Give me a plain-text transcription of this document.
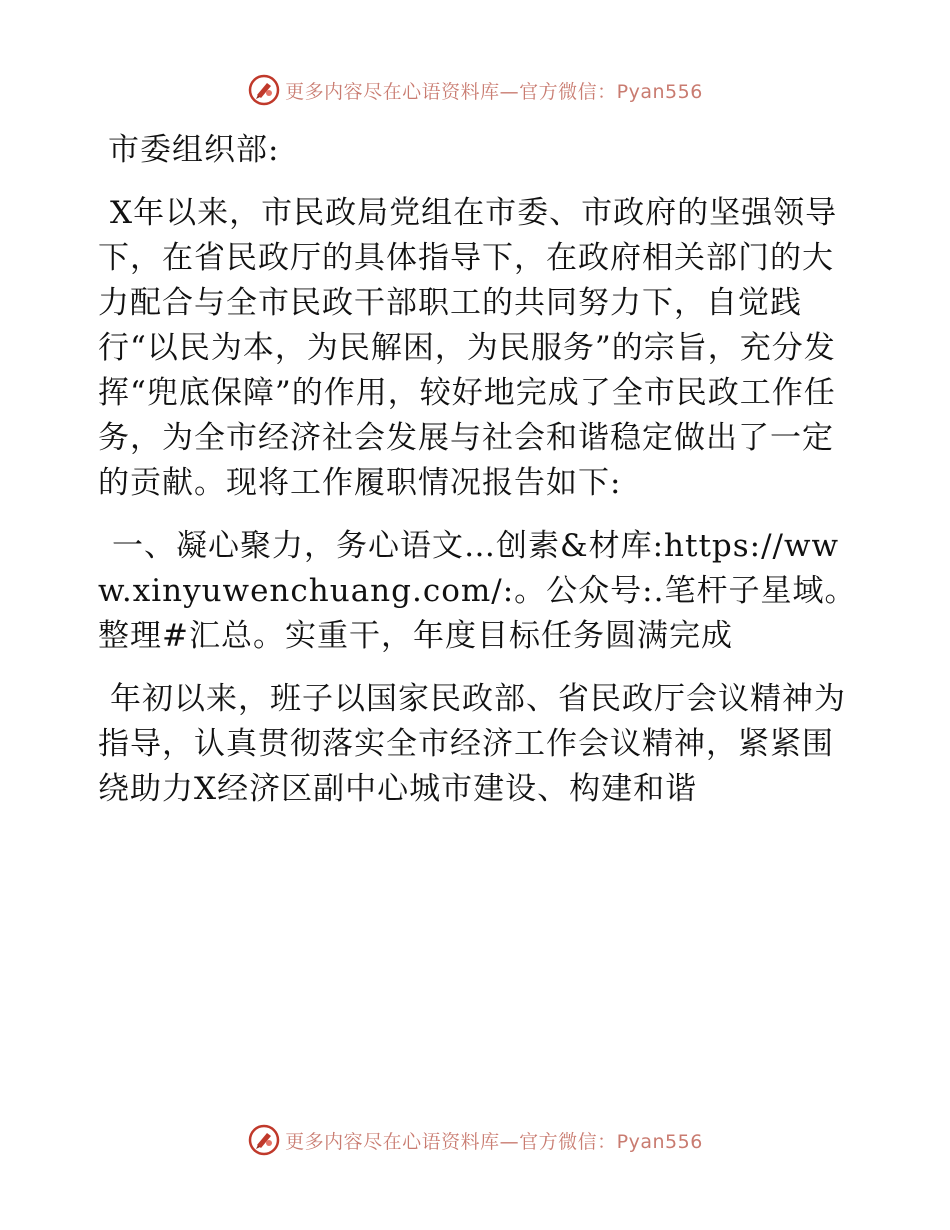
更多内容尽在心语资料库—官方微信：Pyan556

市委组织部:

X年以来，市民政局党组在市委、市政府的坚强领导下，在省民政厅的具体指导下，在政府相关部门的大力配合与全市民政干部职工的共同努力下，自觉践行“以民为本，为民解困，为民服务”的宗旨，充分发挥“兜底保障”的作用，较好地完成了全市民政工作任务，为全市经济社会发展与社会和谐稳定做出了一定的贡献。现将工作履职情况报告如下:

一、凝心聚力，务心语文…创素&材库:https://www.xinyuwenchuang.com/:。公众号:.笔杆子星域。整理#汇总。实重干，年度目标任务圆满完成

年初以来，班子以国家民政部、省民政厅会议精神为指导，认真贯彻落实全市经济工作会议精神，紧紧围绕助力X经济区副中心城市建设、构建和谐

更多内容尽在心语资料库—官方微信：Pyan556
